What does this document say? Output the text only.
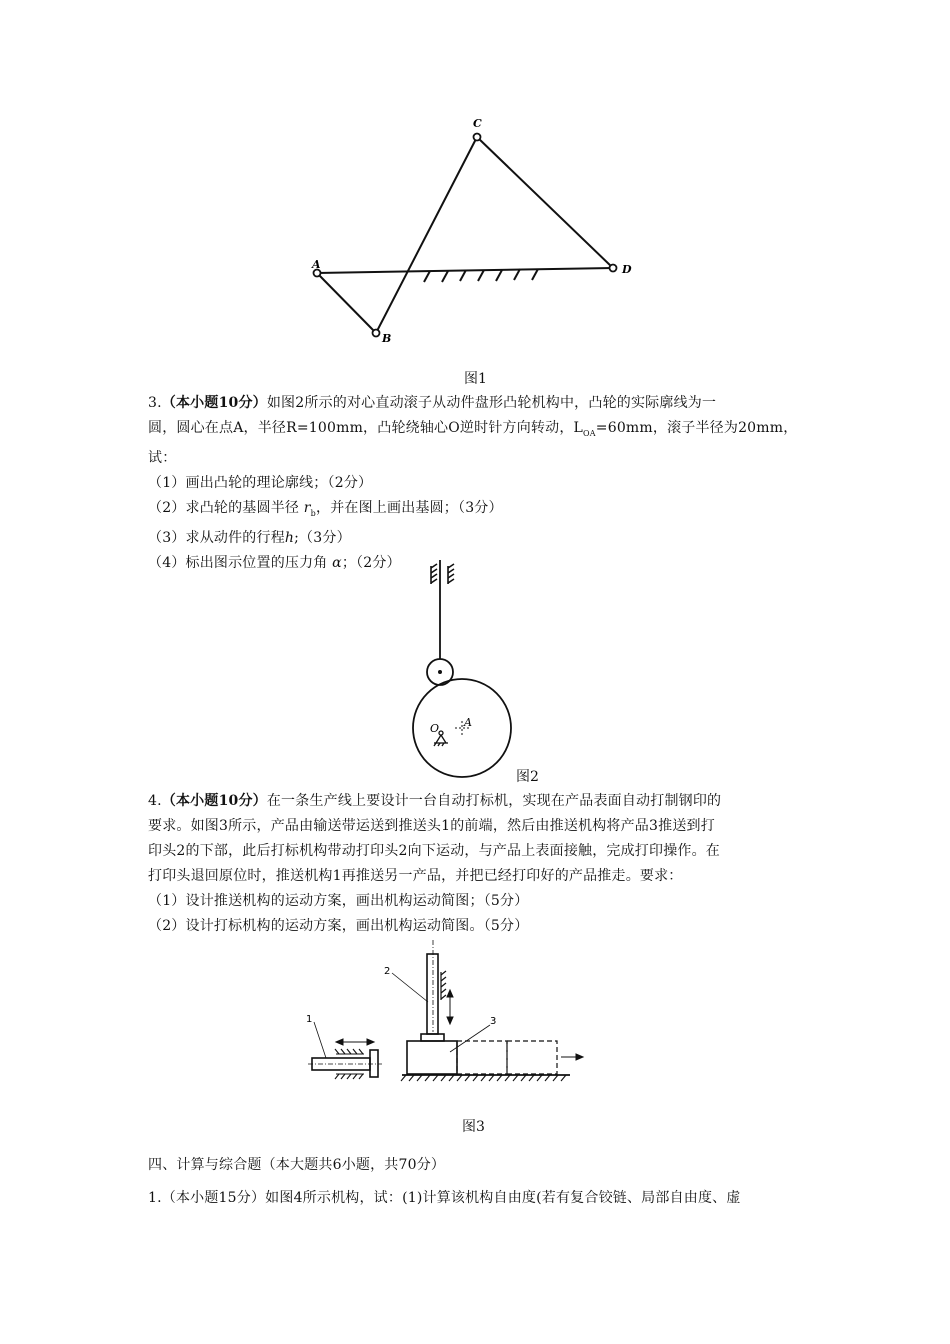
A
B
C
D
图1
3.（本小题10分）如图2所示的对心直动滚子从动件盘形凸轮机构中，凸轮的实际廓线为一
圆，圆心在点A，半径R=100mm，凸轮绕轴心O逆时针方向转动，$L_{OA}=60mm$，滚子半径为20mm，
试：
（1）画出凸轮的理论廓线；（2分）
（2）求凸轮的基圆半径 $r_b$，并在图上画出基圆；（3分）
（3）求从动件的行程h;（3分）
（4）标出图示位置的压力角 α；（2分）
O A
图2
4.（本小题10分）在一条生产线上要设计一台自动打标机，实现在产品表面自动打制钢印的
要求。如图3所示，产品由输送带运送到推送头1的前端，然后由推送机构将产品3推送到打
印头2的下部，此后打标机构带动打印头2向下运动，与产品上表面接触，完成打印操作。在
打印头退回原位时，推送机构1再推送另一产品，并把已经打印好的产品推走。要求：
（1）设计推送机构的运动方案，画出机构运动简图；（5分）
（2）设计打标机构的运动方案，画出机构运动简图。（5分）
1
2
3
图3
四、计算与综合题（本大题共6小题，共70分）
1.（本小题15分）如图4所示机构，试：(1)计算该机构自由度(若有复合铰链、局部自由度、虚
